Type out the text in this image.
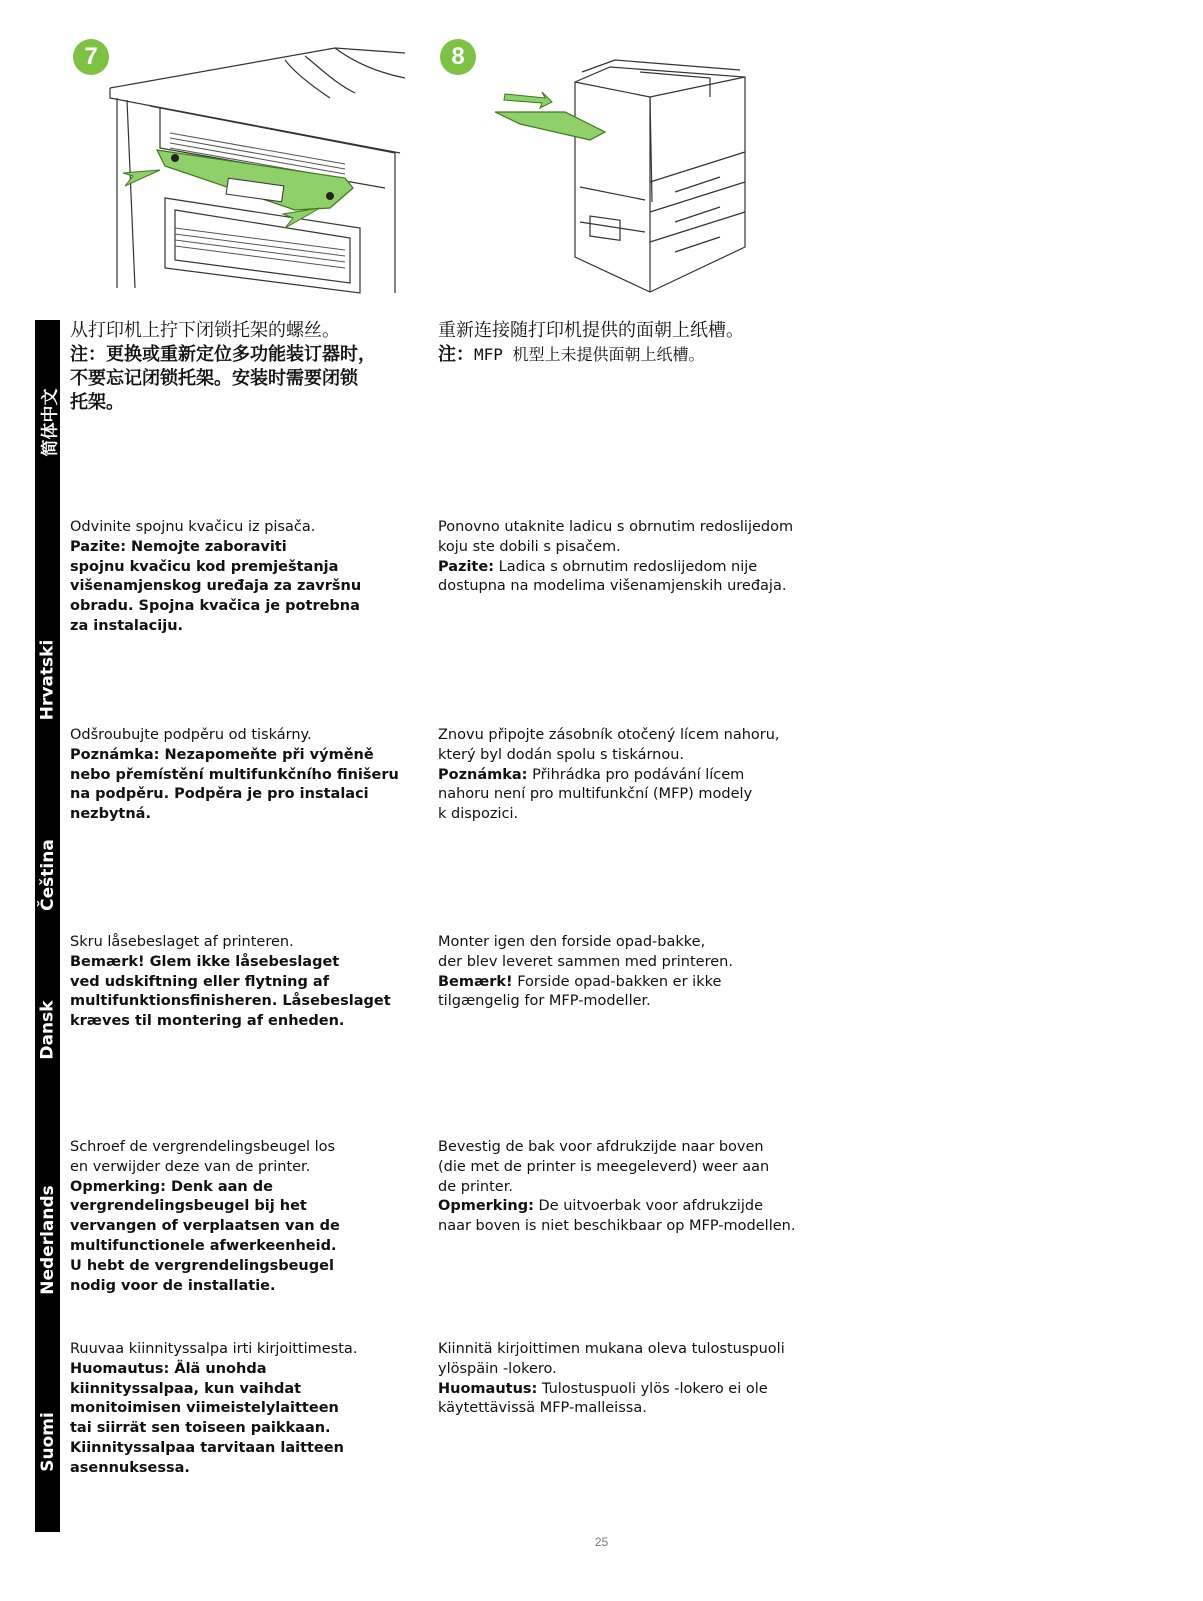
7	8
简体中文
从打印机上拧下闭锁托架的螺丝。
注：更换或重新定位多功能装订器时，
不要忘记闭锁托架。安装时需要闭锁
托架。
重新连接随打印机提供的面朝上纸槽。
注：MFP 机型上未提供面朝上纸槽。
Hrvatski
Odvinite spojnu kvačicu iz pisača.
Pazite: Nemojte zaboraviti
spojnu kvačicu kod premještanja
višenamjenskog uređaja za završnu
obradu. Spojna kvačica je potrebna
za instalaciju.
Ponovno utaknite ladicu s obrnutim redoslijedom
koju ste dobili s pisačem.
Pazite: Ladica s obrnutim redoslijedom nije
dostupna na modelima višenamjenskih uređaja.
Čeština
Odšroubujte podpěru od tiskárny.
Poznámka: Nezapomeňte při výměně
nebo přemístění multifunkčního finišeru
na podpěru. Podpěra je pro instalaci
nezbytná.
Znovu připojte zásobník otočený lícem nahoru,
který byl dodán spolu s tiskárnou.
Poznámka: Přihrádka pro podávání lícem
nahoru není pro multifunkční (MFP) modely
k dispozici.
Dansk
Skru låsebeslaget af printeren.
Bemærk! Glem ikke låsebeslaget
ved udskiftning eller flytning af
multifunktionsfinisheren. Låsebeslaget
kræves til montering af enheden.
Monter igen den forside opad-bakke,
der blev leveret sammen med printeren.
Bemærk! Forside opad-bakken er ikke
tilgængelig for MFP-modeller.
Nederlands
Schroef de vergrendelingsbeugel los
en verwijder deze van de printer.
Opmerking: Denk aan de
vergrendelingsbeugel bij het
vervangen of verplaatsen van de
multifunctionele afwerkeenheid.
U hebt de vergrendelingsbeugel
nodig voor de installatie.
Bevestig de bak voor afdrukzijde naar boven
(die met de printer is meegeleverd) weer aan
de printer.
Opmerking: De uitvoerbak voor afdrukzijde
naar boven is niet beschikbaar op MFP-modellen.
Suomi
Ruuvaa kiinnityssalpa irti kirjoittimesta.
Huomautus: Älä unohda
kiinnityssalpaa, kun vaihdat
monitoimisen viimeistelylaitteen
tai siirrät sen toiseen paikkaan.
Kiinnityssalpaa tarvitaan laitteen
asennuksessa.
Kiinnitä kirjoittimen mukana oleva tulostuspuoli
ylöspäin -lokero.
Huomautus: Tulostuspuoli ylös -lokero ei ole
käytettävissä MFP-malleissa.
25
